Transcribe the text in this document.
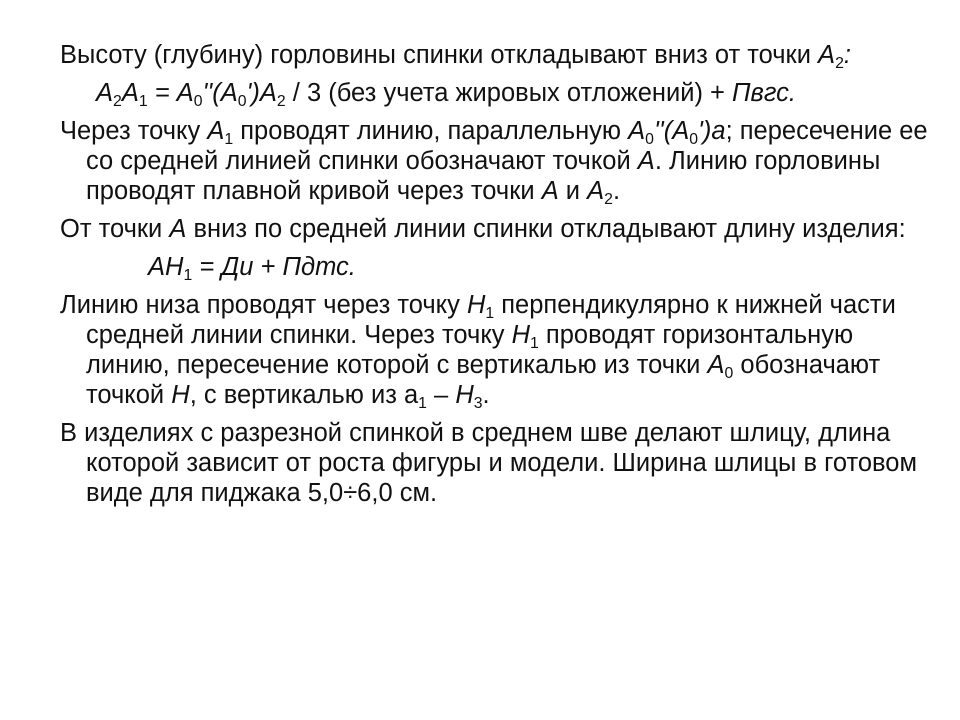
Высоту (глубину) горловины спинки откладывают вниз от точки $А_2$:

$А_2А_1 = А_0''(А_0')А_2 / 3$ (без учета жировых отложений) + Пвгс.

Через точку $А_1$ проводят линию, параллельную $А_0''(А_0')а$; пересечение ее со средней линией спинки обозначают точкой А. Линию горловины проводят плавной кривой через точки А и $А_2$.

От точки А вниз по средней линии спинки откладывают длину изделия:

$АН_1$ = Ди + Пдтс.

Линию низа проводят через точку $Н_1$ перпендикулярно к нижней части средней линии спинки. Через точку $Н_1$ проводят горизонтальную линию, пересечение которой с вертикалью из точки $А_0$ обозначают точкой Н, с вертикалью из $а_1 - Н_3$.

В изделиях с разрезной спинкой в среднем шве делают шлицу, длина которой зависит от роста фигуры и модели. Ширина шлицы в готовом виде для пиджака 5,0÷6,0 см.
